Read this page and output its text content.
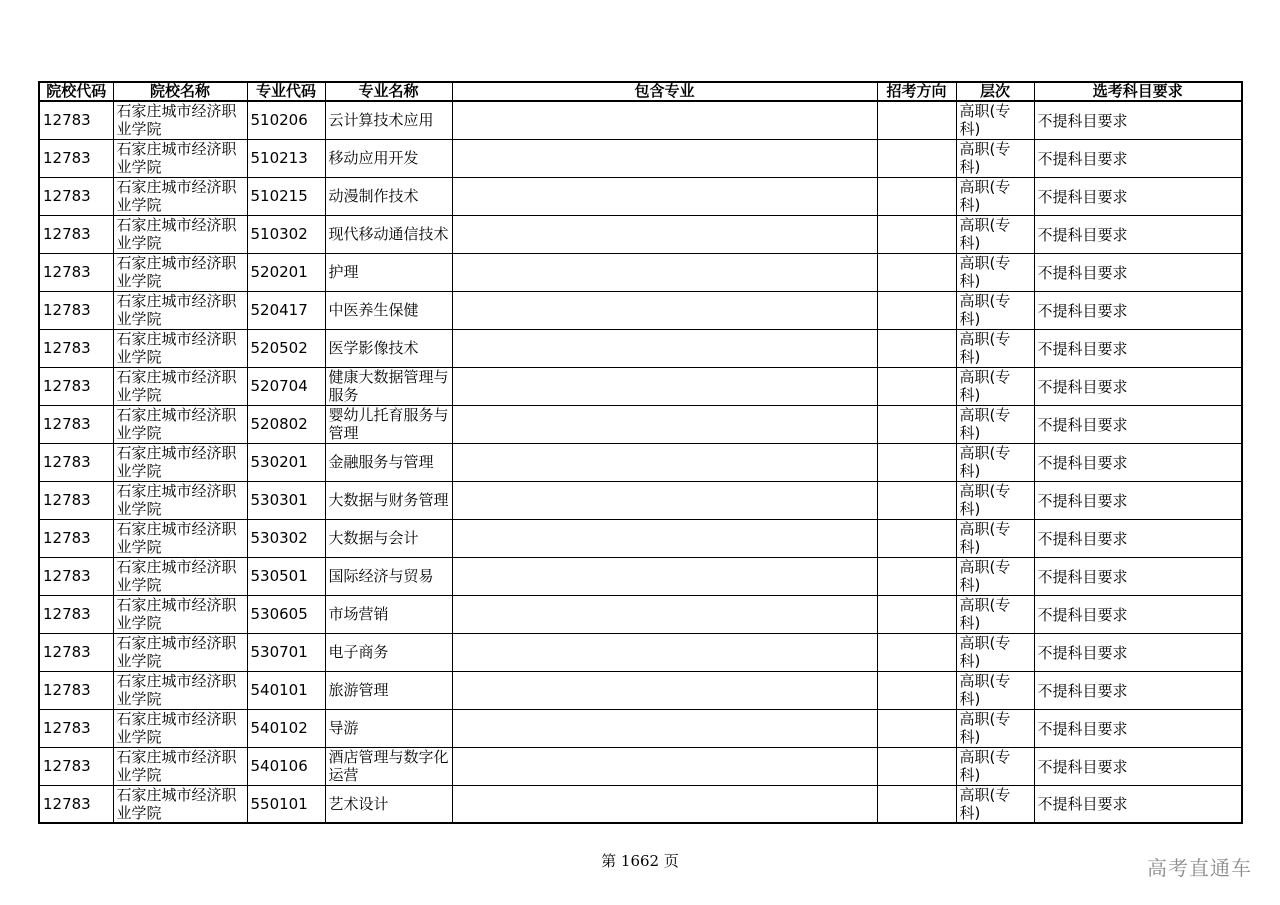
院校代码	院校名称	专业代码	专业名称	包含专业	招考方向	层次	选考科目要求
12783	石家庄城市经济职业学院	510206	云计算技术应用			高职(专科)	不提科目要求
12783	石家庄城市经济职业学院	510213	移动应用开发			高职(专科)	不提科目要求
12783	石家庄城市经济职业学院	510215	动漫制作技术			高职(专科)	不提科目要求
12783	石家庄城市经济职业学院	510302	现代移动通信技术			高职(专科)	不提科目要求
12783	石家庄城市经济职业学院	520201	护理			高职(专科)	不提科目要求
12783	石家庄城市经济职业学院	520417	中医养生保健			高职(专科)	不提科目要求
12783	石家庄城市经济职业学院	520502	医学影像技术			高职(专科)	不提科目要求
12783	石家庄城市经济职业学院	520704	健康大数据管理与服务			高职(专科)	不提科目要求
12783	石家庄城市经济职业学院	520802	婴幼儿托育服务与管理			高职(专科)	不提科目要求
12783	石家庄城市经济职业学院	530201	金融服务与管理			高职(专科)	不提科目要求
12783	石家庄城市经济职业学院	530301	大数据与财务管理			高职(专科)	不提科目要求
12783	石家庄城市经济职业学院	530302	大数据与会计			高职(专科)	不提科目要求
12783	石家庄城市经济职业学院	530501	国际经济与贸易			高职(专科)	不提科目要求
12783	石家庄城市经济职业学院	530605	市场营销			高职(专科)	不提科目要求
12783	石家庄城市经济职业学院	530701	电子商务			高职(专科)	不提科目要求
12783	石家庄城市经济职业学院	540101	旅游管理			高职(专科)	不提科目要求
12783	石家庄城市经济职业学院	540102	导游			高职(专科)	不提科目要求
12783	石家庄城市经济职业学院	540106	酒店管理与数字化运营			高职(专科)	不提科目要求
12783	石家庄城市经济职业学院	550101	艺术设计			高职(专科)	不提科目要求
第 1662 页	高考直通车
